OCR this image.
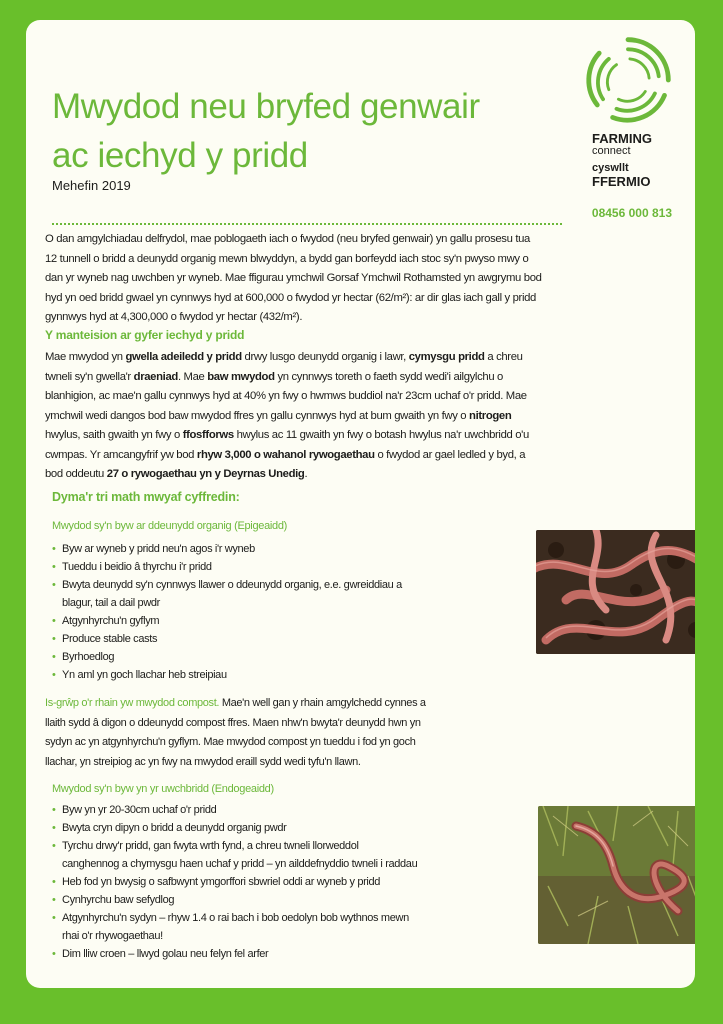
Mwydod neu bryfed genwair
ac iechyd y pridd
Mehefin 2019
FARMING
connect
cyswllt
FFERMIO
08456 000 813

O dan amgylchiadau delfrydol, mae poblogaeth iach o fwydod (neu bryfed genwair) yn gallu prosesu tua

12 tunnell o bridd a deunydd organig mewn blwyddyn, a bydd gan borfeydd iach stoc sy'n pwyso mwy o

dan yr wyneb nag uwchben yr wyneb. Mae ffigurau ymchwil Gorsaf Ymchwil Rothamsted yn awgrymu bod

hyd yn oed bridd gwael yn cynnwys hyd at 600,000 o fwydod yr hectar (62/m²): ar dir glas iach gall y pridd

gynnwys hyd at 4,300,000 o fwydod yr hectar (432/m²).

Y manteision ar gyfer iechyd y pridd

Mae mwydod yn gwella adeiledd y pridd drwy lusgo deunydd organig i lawr, cymysgu pridd a chreu

twneli sy'n gwella'r draeniad. Mae baw mwydod yn cynnwys toreth o faeth sydd wedi'i ailgylchu o

blanhigion, ac mae'n gallu cynnwys hyd at 40% yn fwy o hwmws buddiol na'r 23cm uchaf o'r pridd. Mae

ymchwil wedi dangos bod baw mwydod ffres yn gallu cynnwys hyd at bum gwaith yn fwy o nitrogen

hwylus, saith gwaith yn fwy o ffosfforws hwylus ac 11 gwaith yn fwy o botash hwylus na'r uwchbridd o'u

cwmpas. Yr amcangyfrif yw bod rhyw 3,000 o wahanol rywogaethau o fwydod ar gael ledled y byd, a

bod oddeutu 27 o rywogaethau yn y Deyrnas Unedig.

Dyma'r tri math mwyaf cyffredin:
Mwydod sy'n byw ar ddeunydd organig (Epigeaidd)
• Byw ar wyneb y pridd neu'n agos i'r wyneb
• Tueddu i beidio â thyrchu i'r pridd
• Bwyta deunydd sy'n cynnwys llawer o ddeunydd organig, e.e. gwreiddiau a
blagur, tail a dail pwdr
• Atgynhyrchu'n gyflym
• Produce stable casts
• Byrhoedlog
• Yn aml yn goch llachar heb streipiau
Is-grŵp o'r rhain yw mwydod compost. Mae'n well gan y rhain amgylchedd cynnes a
llaith sydd â digon o ddeunydd compost ffres. Maen nhw'n bwyta'r deunydd hwn yn
sydyn ac yn atgynhyrchu'n gyflym. Mae mwydod compost yn tueddu i fod yn goch
llachar, yn streipiog ac yn fwy na mwydod eraill sydd wedi tyfu'n llawn.
Mwydod sy'n byw yn yr uwchbridd (Endogeaidd)
• Byw yn yr 20-30cm uchaf o'r pridd
• Bwyta cryn dipyn o bridd a deunydd organig pwdr
• Tyrchu drwy'r pridd, gan fwyta wrth fynd, a chreu twneli llorweddol
canghennog a chymysgu haen uchaf y pridd – yn ailddefnyddio twneli i raddau
• Heb fod yn bwysig o safbwynt ymgorffori sbwriel oddi ar wyneb y pridd
• Cynhyrchu baw sefydlog
• Atgynhyrchu'n sydyn – rhyw 1.4 o rai bach i bob oedolyn bob wythnos mewn
rhai o'r rhywogaethau!
• Dim lliw croen – llwyd golau neu felyn fel arfer
